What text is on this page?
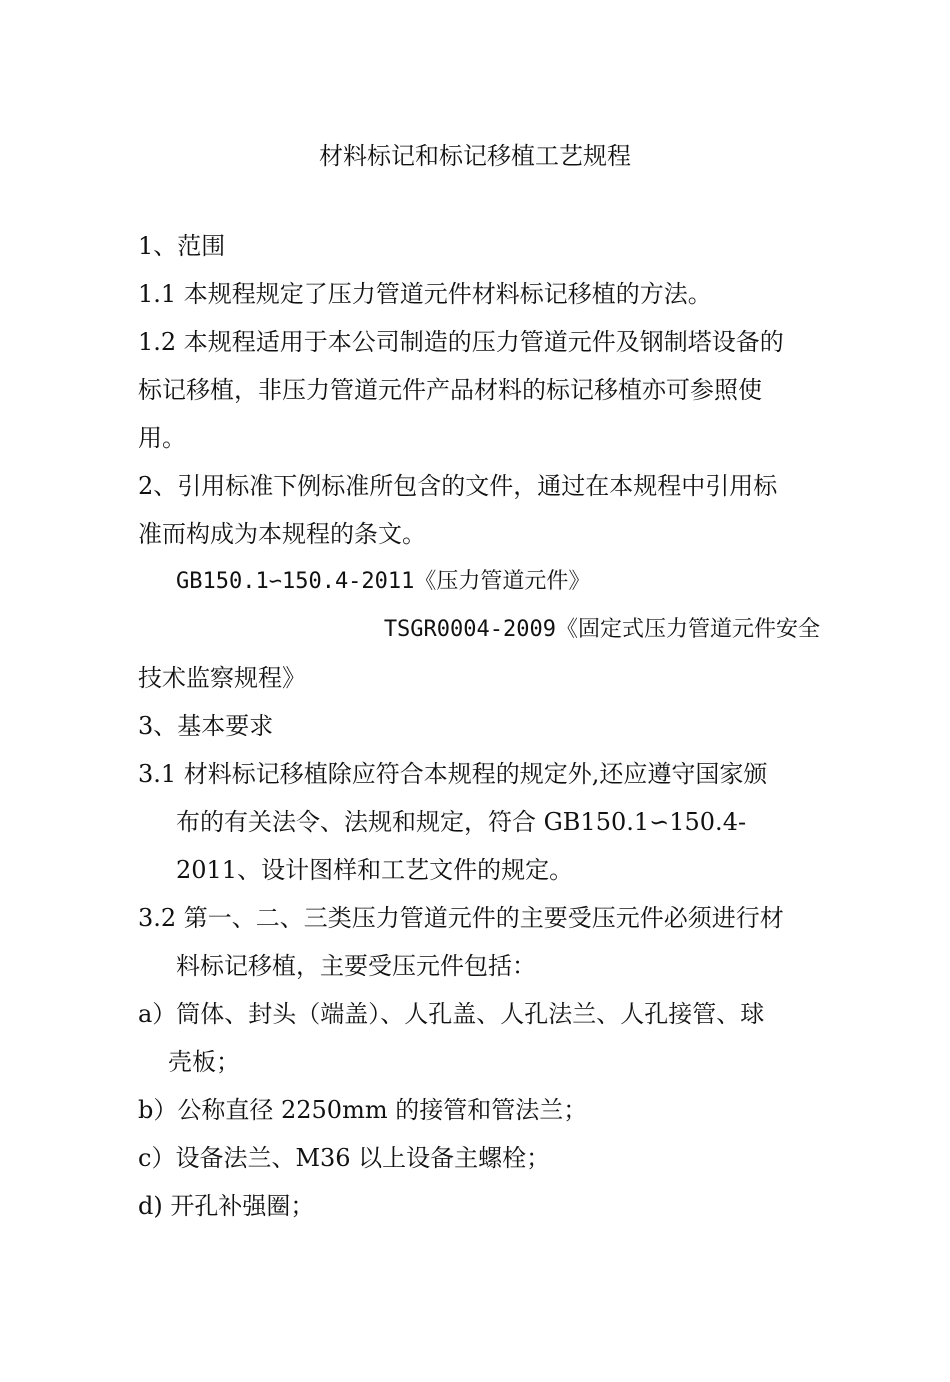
材料标记和标记移植工艺规程
1、范围
1.1 本规程规定了压力管道元件材料标记移植的方法。
1.2 本规程适用于本公司制造的压力管道元件及钢制塔设备的
标记移植，非压力管道元件产品材料的标记移植亦可参照使
用。
2、引用标准下例标准所包含的文件，通过在本规程中引用标
准而构成为本规程的条文。
GB150.1∽150.4-2011《压力管道元件》
TSGR0004-2009《固定式压力管道元件安全
技术监察规程》
3、基本要求
3.1 材料标记移植除应符合本规程的规定外,还应遵守国家颁
布的有关法令、法规和规定，符合 GB150.1∽150.4-
2011、设计图样和工艺文件的规定。
3.2 第一、二、三类压力管道元件的主要受压元件必须进行材
料标记移植，主要受压元件包括：
a）筒体、封头（端盖）、人孔盖、人孔法兰、人孔接管、球
壳板；
b）公称直径 2250mm 的接管和管法兰；
c）设备法兰、M36 以上设备主螺栓；
d) 开孔补强圈；
